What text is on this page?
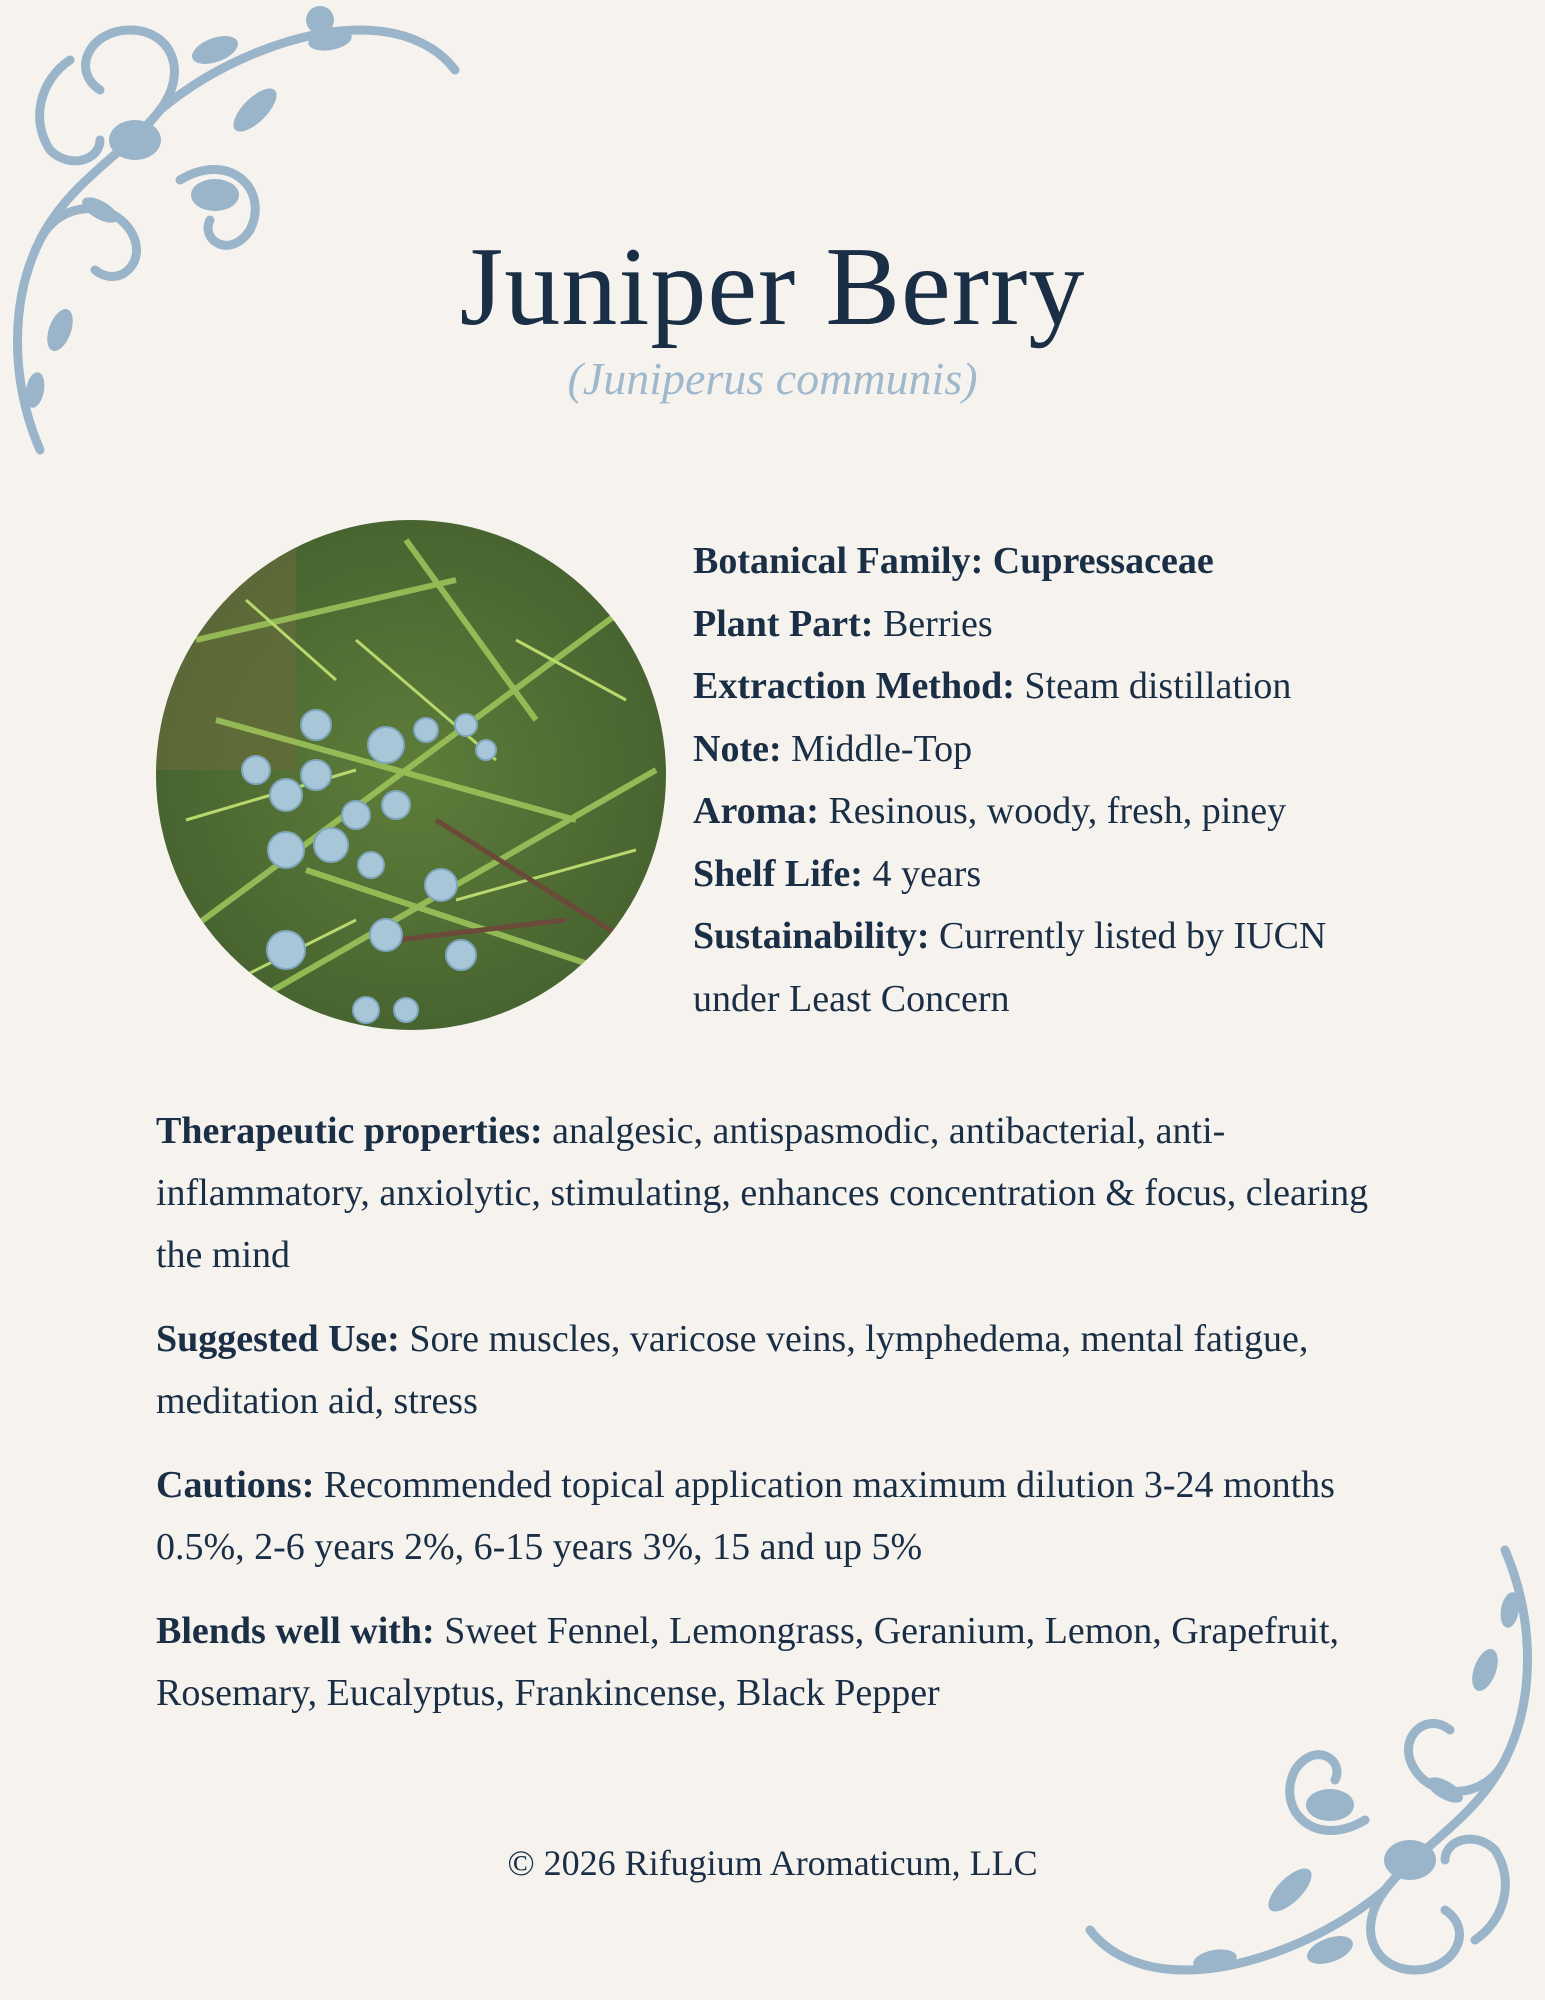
Juniper Berry
(Juniperus communis)
Botanical Family: Cupressaceae
Plant Part: Berries
Extraction Method: Steam distillation
Note: Middle-Top
Aroma: Resinous, woody, fresh, piney
Shelf Life: 4 years
Sustainability: Currently listed by IUCN under Least Concern

Therapeutic properties: analgesic, antispasmodic, antibacterial, anti-inflammatory, anxiolytic, stimulating, enhances concentration & focus, clearing the mind

Suggested Use: Sore muscles, varicose veins, lymphedema, mental fatigue, meditation aid, stress

Cautions: Recommended topical application maximum dilution 3-24 months 0.5%, 2-6 years 2%, 6-15 years 3%, 15 and up 5%

Blends well with: Sweet Fennel, Lemongrass, Geranium, Lemon, Grapefruit, Rosemary, Eucalyptus, Frankincense, Black Pepper

© 2026 Rifugium Aromaticum, LLC
